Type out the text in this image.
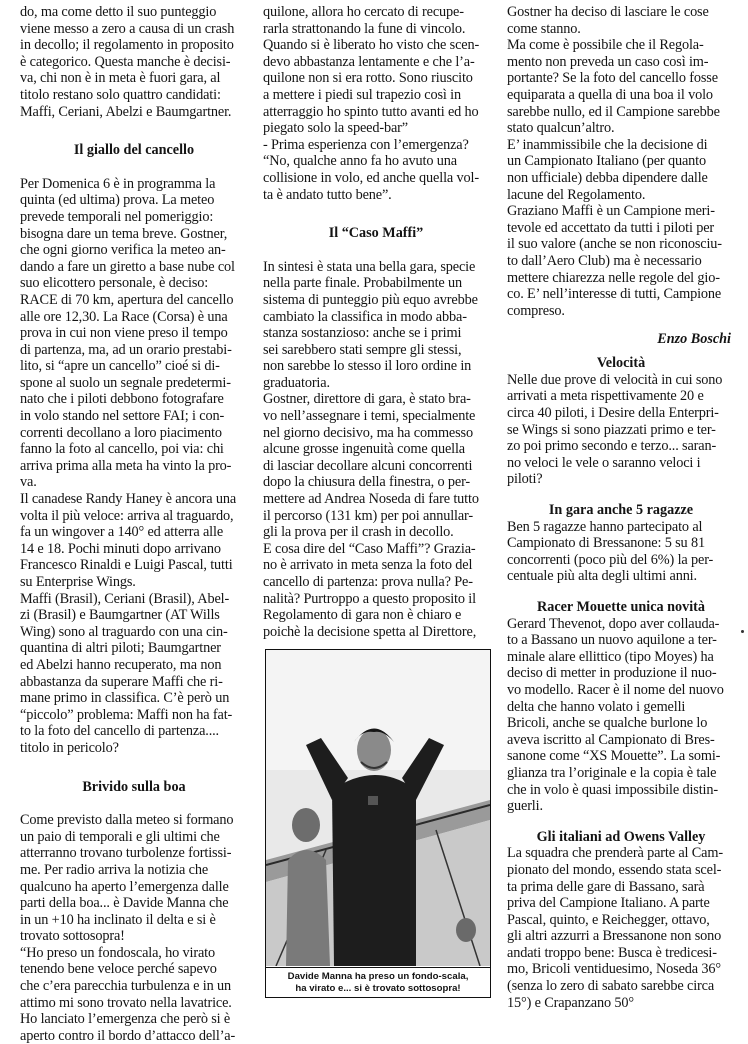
do, ma come detto il suo punteggio
viene messo a zero a causa di un crash
in decollo; il regolamento in proposito
è categorico. Questa manche è decisi-
va, chi non è in meta è fuori gara, al
titolo restano solo quattro candidati:
Maffi, Ceriani, Abelzi e Baumgartner.
Il giallo del cancello
Per Domenica 6 è in programma la
quinta (ed ultima) prova. La meteo
prevede temporali nel pomeriggio:
bisogna dare un tema breve. Gostner,
che ogni giorno verifica la meteo an-
dando a fare un giretto a base nube col
suo elicottero personale, è deciso:
RACE di 70 km, apertura del cancello
alle ore 12,30. La Race (Corsa) è una
prova in cui non viene preso il tempo
di partenza, ma, ad un orario prestabi-
lito, si “apre un cancello” cioé si di-
spone al suolo un segnale predetermi-
nato che i piloti debbono fotografare
in volo stando nel settore FAI; i con-
correnti decollano a loro piacimento
fanno la foto al cancello, poi via: chi
arriva prima alla meta ha vinto la pro-
va.
Il canadese Randy Haney è ancora una
volta il più veloce: arriva al traguardo,
fa un wingover a 140° ed atterra alle
14 e 18. Pochi minuti dopo arrivano
Francesco Rinaldi e Luigi Pascal, tutti
su Enterprise Wings.
Maffi (Brasil), Ceriani (Brasil), Abel-
zi (Brasil) e Baumgartner (AT Wills
Wing) sono al traguardo con una cin-
quantina di altri piloti; Baumgartner
ed Abelzi hanno recuperato, ma non
abbastanza da superare Maffi che ri-
mane primo in classifica. C’è però un
“piccolo” problema: Maffi non ha fat-
to la foto del cancello di partenza....
titolo in pericolo?
Brivido sulla boa
Come previsto dalla meteo si formano
un paio di temporali e gli ultimi che
atterranno trovano turbolenze fortissi-
me. Per radio arriva la notizia che
qualcuno ha aperto l’emergenza dalle
parti della boa... è Davide Manna che
in un +10 ha inclinato il delta e si è
trovato sottosopra!
“Ho preso un fondoscala, ho virato
tenendo bene veloce perché sapevo
che c’era parecchia turbulenza e in un
attimo mi sono trovato nella lavatrice.
Ho lanciato l’emergenza che però si è
aperto contro il bordo d’attacco dell’a-
quilone, allora ho cercato di recupe-
rarla strattonando la fune di vincolo.
Quando si è liberato ho visto che scen-
devo abbastanza lentamente e che l’a-
quilone non si era rotto. Sono riuscito
a mettere i piedi sul trapezio così in
atterraggio ho spinto tutto avanti ed ho
piegato solo la speed-bar”
- Prima esperienza con l’emergenza?
“No, qualche anno fa ho avuto una
collisione in volo, ed anche quella vol-
ta è andato tutto bene”.
Il “Caso Maffi”
In sintesi è stata una bella gara, specie
nella parte finale. Probabilmente un
sistema di punteggio più equo avrebbe
cambiato la classifica in modo abba-
stanza sostanzioso: anche se i primi
sei sarebbero stati sempre gli stessi,
non sarebbe lo stesso il loro ordine in
graduatoria.
Gostner, direttore di gara, è stato bra-
vo nell’assegnare i temi, specialmente
nel giorno decisivo, ma ha commesso
alcune grosse ingenuità come quella
di lasciar decollare alcuni concorrenti
dopo la chiusura della finestra, o per-
mettere ad Andrea Noseda di fare tutto
il percorso (131 km) per poi annullar-
gli la prova per il crash in decollo.
E cosa dire del “Caso Maffi”? Grazia-
no è arrivato in meta senza la foto del
cancello di partenza: prova nulla? Pe-
nalità? Purtroppo a questo proposito il
Regolamento di gara non è chiaro e
poichè la decisione spetta al Direttore,
Davide Manna ha preso un fondo-scala,
ha virato e... si è trovato sottosopra!
Gostner ha deciso di lasciare le cose
come stanno.
Ma come è possibile che il Regola-
mento non preveda un caso così im-
portante? Se la foto del cancello fosse
equiparata a quella di una boa il volo
sarebbe nullo, ed il Campione sarebbe
stato qualcun’altro.
E’ inammissibile che la decisione di
un Campionato Italiano (per quanto
non ufficiale) debba dipendere dalle
lacune del Regolamento.
Graziano Maffi è un Campione meri-
tevole ed accettato da tutti i piloti per
il suo valore (anche se non riconosciu-
to dall’Aero Club) ma è necessario
mettere chiarezza nelle regole del gio-
co. E’ nell’interesse di tutti, Campione
compreso.
Enzo Boschi
Velocità
Nelle due prove di velocità in cui sono
arrivati a meta rispettivamente 20 e
circa 40 piloti, i Desire della Enterpri-
se Wings si sono piazzati primo e ter-
zo poi primo secondo e terzo... saran-
no veloci le vele o saranno veloci i
piloti?
In gara anche 5 ragazze
Ben 5 ragazze hanno partecipato al
Campionato di Bressanone: 5 su 81
concorrenti (poco più del 6%) la per-
centuale più alta degli ultimi anni.
Racer Mouette unica novità
Gerard Thevenot, dopo aver collauda-
to a Bassano un nuovo aquilone a ter-
minale alare ellittico (tipo Moyes) ha
deciso di metter in produzione il nuo-
vo modello. Racer è il nome del nuovo
delta che hanno volato i gemelli
Bricoli, anche se qualche burlone lo
aveva iscritto al Campionato di Bres-
sanone come “XS Mouette”. La somi-
glianza tra l’originale e la copia è tale
che in volo è quasi impossibile distin-
guerli.
Gli italiani ad Owens Valley
La squadra che prenderà parte al Cam-
pionato del mondo, essendo stata scel-
ta prima delle gare di Bassano, sarà
priva del Campione Italiano. A parte
Pascal, quinto, e Reichegger, ottavo,
gli altri azzurri a Bressanone non sono
andati troppo bene: Busca è tredicesi-
mo, Bricoli ventiduesimo, Noseda 36°
(senza lo zero di sabato sarebbe circa
15°) e Crapanzano 50°
